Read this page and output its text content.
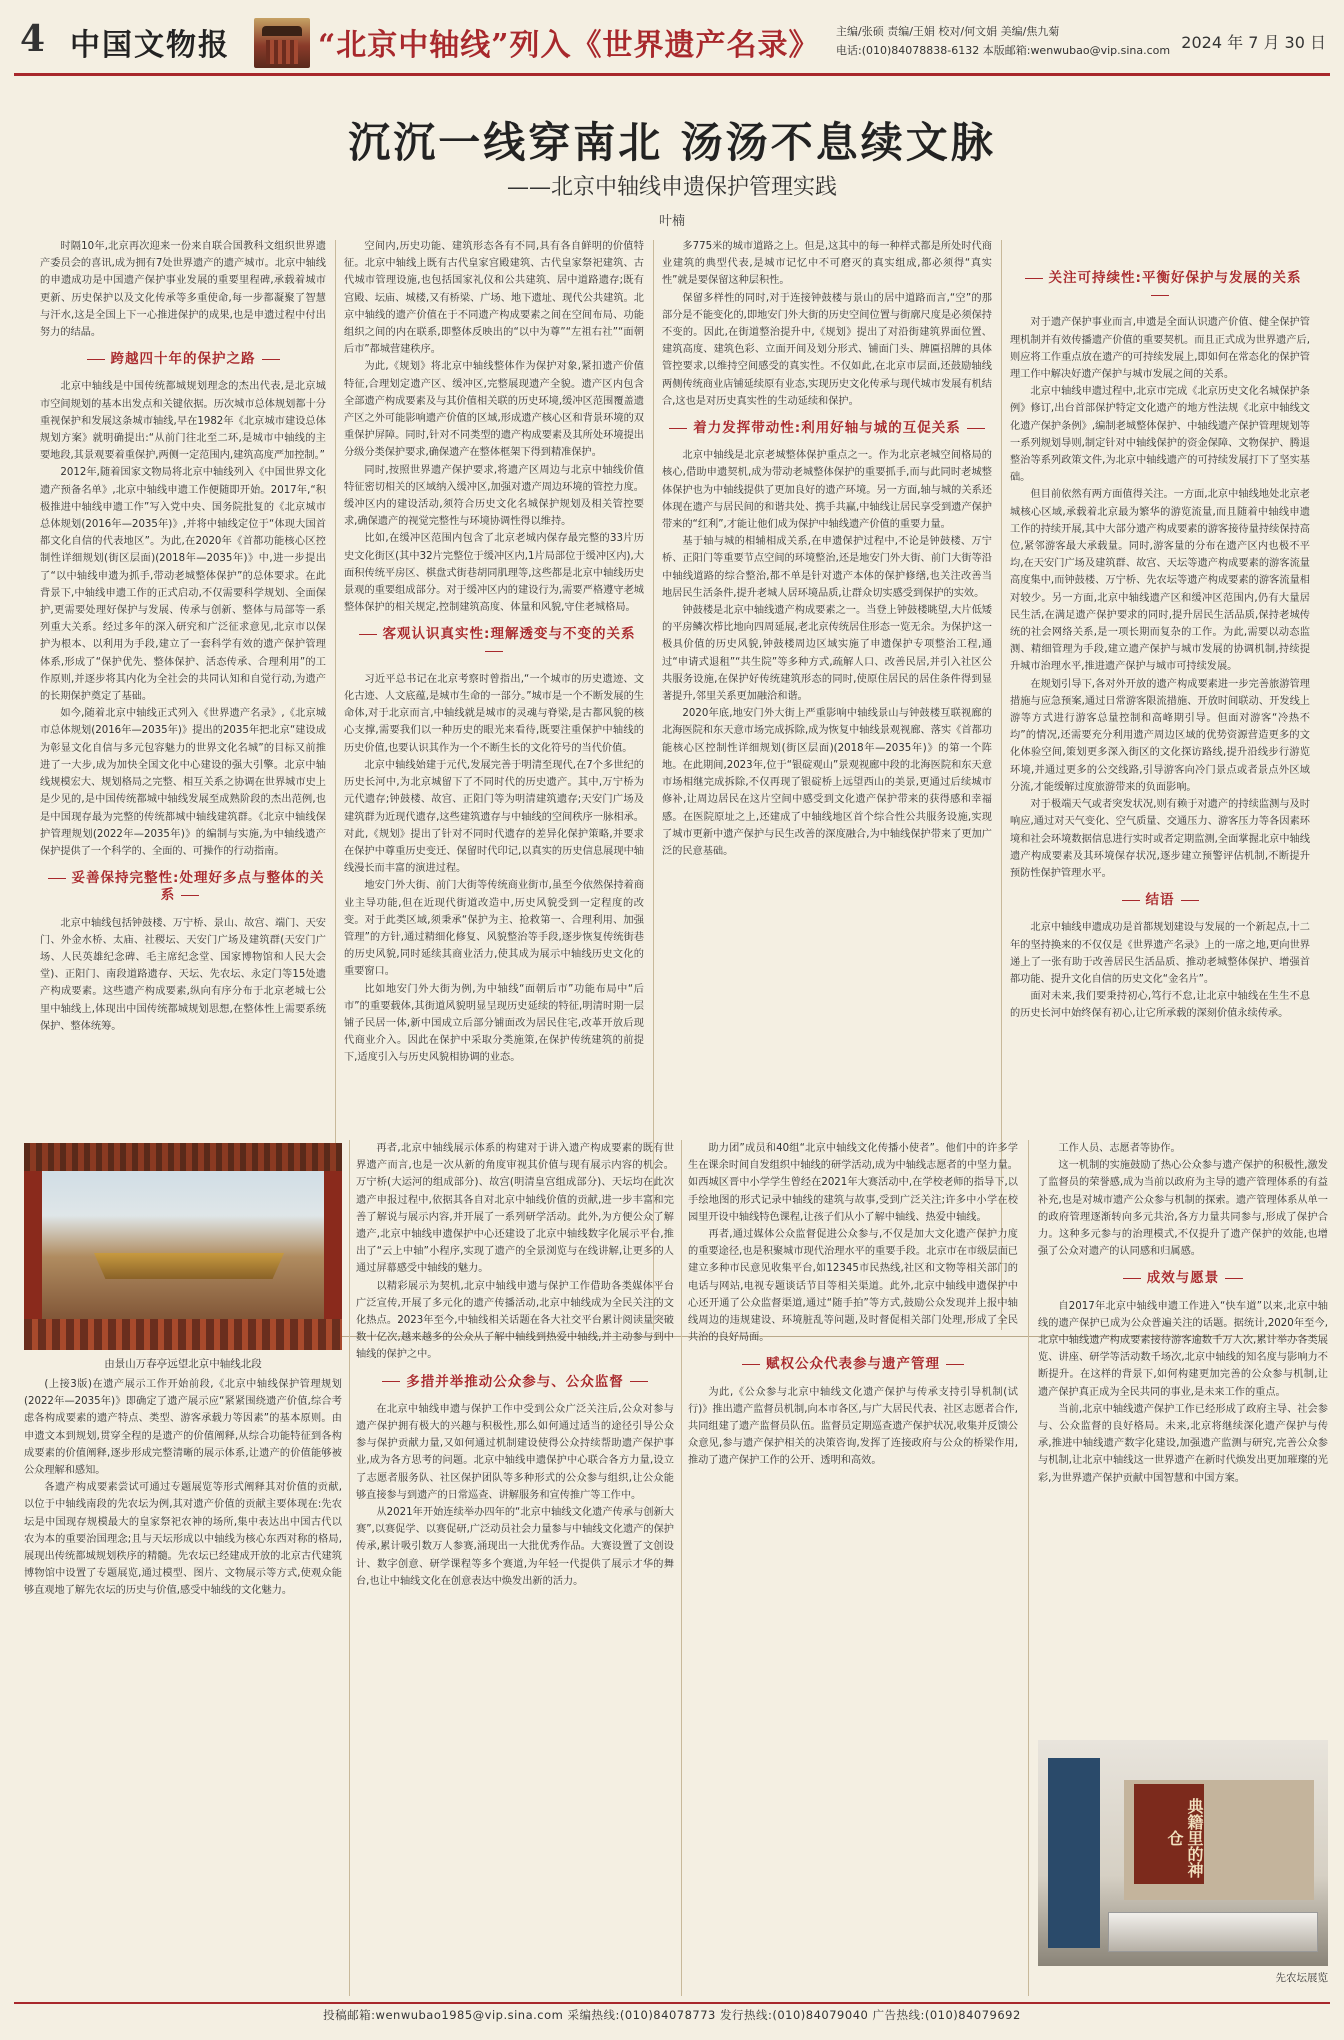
4 中国文物报	“北京中轴线”列入《世界遗产名录》 主编/张硕 责编/王娟 校对/何文娟 美编/焦九菊
电话:(010)84078838-6132 本版邮箱:wenwubao@vip.sina.com 2024 年 7 月 30 日
沉沉一线穿南北 汤汤不息续文脉
——北京中轴线申遗保护管理实践
叶楠

时隔10年,北京再次迎来一份来自联合国教科文组织世界遗产委员会的喜讯,成为拥有7处世界遗产的遗产城市。北京中轴线的申遗成功是中国遗产保护事业发展的重要里程碑,承载着城市更新、历史保护以及文化传承等多重使命,每一步都凝聚了智慧与汗水,这是全国上下一心推进保护的成果,也是申遗过程中付出努力的结晶。

跨越四十年的保护之路

北京中轴线是中国传统都城规划理念的杰出代表,是北京城市空间规划的基本出发点和关键依据。历次城市总体规划都十分重视保护和发展这条城市轴线,早在1982年《北京城市建设总体规划方案》就明确提出:“从前门往北至二环,是城市中轴线的主要地段,其景观要着重保护,两侧一定范围内,建筑高度严加控制。”

2012年,随着国家文物局将北京中轴线列入《中国世界文化遗产预备名单》,北京中轴线申遗工作便随即开始。2017年,“积极推进中轴线申遗工作”写入党中央、国务院批复的《北京城市总体规划(2016年—2035年)》,并将中轴线定位于“体现大国首都文化自信的代表地区”。为此,在2020年《首都功能核心区控制性详细规划(街区层面)(2018年—2035年)》中,进一步提出了“以中轴线申遗为抓手,带动老城整体保护”的总体要求。在此背景下,中轴线申遗工作的正式启动,不仅需要科学规划、全面保护,更需要处理好保护与发展、传承与创新、整体与局部等一系列重大关系。经过多年的深入研究和广泛征求意见,北京市以保护为根本、以利用为手段,建立了一套科学有效的遗产保护管理体系,形成了“保护优先、整体保护、活态传承、合理利用”的工作原则,并逐步将其内化为全社会的共同认知和自觉行动,为遗产的长期保护奠定了基础。

如今,随着北京中轴线正式列入《世界遗产名录》,《北京城市总体规划(2016年—2035年)》提出的2035年把北京“建设成为彰显文化自信与多元包容魅力的世界文化名城”的目标又前推进了一大步,成为加快全国文化中心建设的强大引擎。北京中轴线规模宏大、规划格局之完整、相互关系之协调在世界城市史上是少见的,是中国传统都城中轴线发展至成熟阶段的杰出范例,也是中国现存最为完整的传统都城中轴线建筑群。《北京中轴线保护管理规划(2022年—2035年)》的编制与实施,为中轴线遗产保护提供了一个科学的、全面的、可操作的行动指南。

妥善保持完整性:处理好多点与整体的关系

北京中轴线包括钟鼓楼、万宁桥、景山、故宫、端门、天安门、外金水桥、太庙、社稷坛、天安门广场及建筑群(天安门广场、人民英雄纪念碑、毛主席纪念堂、国家博物馆和人民大会堂)、正阳门、南段道路遗存、天坛、先农坛、永定门等15处遗产构成要素。这些遗产构成要素,纵向有序分布于北京老城七公里中轴线上,体现出中国传统都城规划思想,在整体性上需要系统保护、整体统筹。

空间内,历史功能、建筑形态各有不同,具有各自鲜明的价值特征。北京中轴线上既有古代皇家宫殿建筑、古代皇家祭祀建筑、古代城市管理设施,也包括国家礼仪和公共建筑、居中道路遗存;既有宫殿、坛庙、城楼,又有桥梁、广场、地下遗址、现代公共建筑。北京中轴线的遗产价值在于不同遗产构成要素之间在空间布局、功能组织之间的内在联系,即整体反映出的“以中为尊”“左祖右社”“面朝后市”都城营建秩序。

为此,《规划》将北京中轴线整体作为保护对象,紧扣遗产价值特征,合理划定遗产区、缓冲区,完整展现遗产全貌。遗产区内包含全部遗产构成要素及与其价值相关联的历史环境,缓冲区范围覆盖遗产区之外可能影响遗产价值的区域,形成遗产核心区和背景环境的双重保护屏障。同时,针对不同类型的遗产构成要素及其所处环境提出分级分类保护要求,确保遗产在整体框架下得到精准保护。

同时,按照世界遗产保护要求,将遗产区周边与北京中轴线价值特征密切相关的区域纳入缓冲区,加强对遗产周边环境的管控力度。缓冲区内的建设活动,须符合历史文化名城保护规划及相关管控要求,确保遗产的视觉完整性与环境协调性得以维持。

比如,在缓冲区范围内包含了北京老城内保存最完整的33片历史文化街区(其中32片完整位于缓冲区内,1片局部位于缓冲区内),大面积传统平房区、棋盘式街巷胡同肌理等,这些都是北京中轴线历史景观的重要组成部分。对于缓冲区内的建设行为,需要严格遵守老城整体保护的相关规定,控制建筑高度、体量和风貌,守住老城格局。

客观认识真实性:理解透变与不变的关系

习近平总书记在北京考察时曾指出,“一个城市的历史遗迹、文化古迹、人文底蕴,是城市生命的一部分。”城市是一个不断发展的生命体,对于北京而言,中轴线就是城市的灵魂与脊梁,是古都风貌的核心支撑,需要我们以一种历史的眼光来看待,既要注重保护中轴线的历史价值,也要认识其作为一个不断生长的文化符号的当代价值。

北京中轴线始建于元代,发展完善于明清至现代,在7个多世纪的历史长河中,为北京城留下了不同时代的历史遗产。其中,万宁桥为元代遗存;钟鼓楼、故宫、正阳门等为明清建筑遗存;天安门广场及建筑群为近现代遗存,这些建筑遗存与中轴线的空间秩序一脉相承。对此,《规划》提出了针对不同时代遗存的差异化保护策略,并要求在保护中尊重历史变迁、保留时代印记,以真实的历史信息展现中轴线漫长而丰富的演进过程。

地安门外大街、前门大街等传统商业街市,虽至今依然保持着商业主导功能,但在近现代街道改造中,历史风貌受到一定程度的改变。对于此类区域,须秉承“保护为主、抢救第一、合理利用、加强管理”的方针,通过精细化修复、风貌整治等手段,逐步恢复传统街巷的历史风貌,同时延续其商业活力,使其成为展示中轴线历史文化的重要窗口。

比如地安门外大街为例,为中轴线“面朝后市”功能布局中“后市”的重要载体,其街道风貌明显呈现历史延续的特征,明清时期一层铺子民居一体,新中国成立后部分铺面改为居民住宅,改革开放后现代商业介入。因此在保护中采取分类施策,在保护传统建筑的前提下,适度引入与历史风貌相协调的业态。

多775米的城市道路之上。但是,这其中的每一种样式都是所处时代商业建筑的典型代表,是城市记忆中不可磨灭的真实组成,都必须得“真实性”就是要保留这种层积性。

保留多样性的同时,对于连接钟鼓楼与景山的居中道路而言,“空”的那部分是不能变化的,即地安门外大街的历史空间位置与街廓尺度是必须保持不变的。因此,在街道整治提升中,《规划》提出了对沿街建筑界面位置、建筑高度、建筑色彩、立面开间及划分形式、铺面门头、牌匾招牌的具体管控要求,以维持空间感受的真实性。不仅如此,在北京市层面,还鼓励轴线两侧传统商业店铺延续原有业态,实现历史文化传承与现代城市发展有机结合,这也是对历史真实性的生动延续和保护。

着力发挥带动性:利用好轴与城的互促关系

北京中轴线是北京老城整体保护重点之一。作为北京老城空间格局的核心,借助申遗契机,成为带动老城整体保护的重要抓手,而与此同时老城整体保护也为中轴线提供了更加良好的遗产环境。另一方面,轴与城的关系还体现在遗产与居民间的和谐共处、携手共赢,中轴线让居民享受到遗产保护带来的“红利”,才能让他们成为保护中轴线遗产价值的重要力量。

基于轴与城的相辅相成关系,在申遗保护过程中,不论是钟鼓楼、万宁桥、正阳门等重要节点空间的环境整治,还是地安门外大街、前门大街等沿中轴线道路的综合整治,都不单是针对遗产本体的保护修缮,也关注改善当地居民生活条件,提升老城人居环境品质,让群众切实感受到保护的实效。

钟鼓楼是北京中轴线遗产构成要素之一。当登上钟鼓楼眺望,大片低矮的平房鳞次栉比地向四周延展,老北京传统居住形态一览无余。为保护这一极具价值的历史风貌,钟鼓楼周边区域实施了申遗保护专项整治工程,通过“申请式退租”“共生院”等多种方式,疏解人口、改善民居,并引入社区公共服务设施,在保护好传统建筑形态的同时,使原住居民的居住条件得到显著提升,邻里关系更加融洽和谐。

2020年底,地安门外大街上严重影响中轴线景山与钟鼓楼互联视廊的北海医院和东天意市场完成拆除,成为恢复中轴线景观视廊、落实《首都功能核心区控制性详细规划(街区层面)(2018年—2035年)》的第一个阵地。在此期间,2023年,位于“银碇观山”景观视廊中段的北海医院和东天意市场相继完成拆除,不仅再现了银碇桥上远望西山的美景,更通过后续城市修补,让周边居民在这片空间中感受到文化遗产保护带来的获得感和幸福感。在医院原址之上,还建成了中轴线地区首个综合性公共服务设施,实现了城市更新中遗产保护与民生改善的深度融合,为中轴线保护带来了更加广泛的民意基础。

关注可持续性:平衡好保护与发展的关系

对于遗产保护事业而言,申遗是全面认识遗产价值、健全保护管理机制并有效传播遗产价值的重要契机。而且正式成为世界遗产后,则应将工作重点放在遗产的可持续发展上,即如何在常态化的保护管理工作中解决好遗产保护与城市发展之间的关系。

北京中轴线申遗过程中,北京市完成《北京历史文化名城保护条例》修订,出台首部保护特定文化遗产的地方性法规《北京中轴线文化遗产保护条例》,编制老城整体保护、中轴线遗产保护管理规划等一系列规划导则,制定针对中轴线保护的资金保障、文物保护、腾退整治等系列政策文件,为北京中轴线遗产的可持续发展打下了坚实基础。

但目前依然有两方面值得关注。一方面,北京中轴线地处北京老城核心区域,承载着北京最为繁华的游览流量,而且随着中轴线申遗工作的持续开展,其中大部分遗产构成要素的游客接待量持续保持高位,紧邻游客最大承载量。同时,游客量的分布在遗产区内也极不平均,在天安门广场及建筑群、故宫、天坛等遗产构成要素的游客流量高度集中,而钟鼓楼、万宁桥、先农坛等遗产构成要素的游客流量相对较少。另一方面,北京中轴线遗产区和缓冲区范围内,仍有大量居民生活,在满足遗产保护要求的同时,提升居民生活品质,保持老城传统的社会网络关系,是一项长期而复杂的工作。为此,需要以动态监测、精细管理为手段,建立遗产保护与城市发展的协调机制,持续提升城市治理水平,推进遗产保护与城市可持续发展。

在规划引导下,各对外开放的遗产构成要素进一步完善旅游管理措施与应急预案,通过日常游客限流措施、开放时间联动、开发线上游等方式进行游客总量控制和高峰期引导。但面对游客“冷热不均”的情况,还需要充分利用遗产周边区域的优势资源营造更多的文化体验空间,策划更多深入街区的文化探访路线,提升沿线步行游览环境,并通过更多的公交线路,引导游客向冷门景点或者景点外区域分流,才能缓解过度旅游带来的负面影响。

对于极端天气或者突发状况,则有赖于对遗产的持续监测与及时响应,通过对天气变化、空气质量、交通压力、游客压力等各因素环境和社会环境数据信息进行实时或者定期监测,全面掌握北京中轴线遗产构成要素及其环境保存状况,逐步建立预警评估机制,不断提升预防性保护管理水平。

结语

北京中轴线申遗成功是首都规划建设与发展的一个新起点,十二年的坚持换来的不仅仅是《世界遗产名录》上的一席之地,更向世界递上了一张有助于改善居民生活品质、推动老城整体保护、增强首都功能、提升文化自信的历史文化“金名片”。

面对未来,我们要秉持初心,笃行不怠,让北京中轴线在生生不息的历史长河中始终保有初心,让它所承载的深刻价值永续传承。

由景山万春亭远望北京中轴线北段

(上接3版)在遗产展示工作开始前段,《北京中轴线保护管理规划(2022年—2035年)》即确定了遗产展示应“紧紧围绕遗产价值,综合考虑各构成要素的遗产特点、类型、游客承载力等因素”的基本原则。由申遗文本到规划,贯穿全程的是遗产的价值阐释,从综合功能特征到各构成要素的价值阐释,逐步形成完整清晰的展示体系,让遗产的价值能够被公众理解和感知。

各遗产构成要素尝试可通过专题展览等形式阐释其对价值的贡献,以位于中轴线南段的先农坛为例,其对遗产价值的贡献主要体现在:先农坛是中国现存规模最大的皇家祭祀农神的场所,集中表达出中国古代以农为本的重要治国理念;且与天坛形成以中轴线为核心东西对称的格局,展现出传统都城规划秩序的精髓。先农坛已经建成开放的北京古代建筑博物馆中设置了专题展览,通过模型、图片、文物展示等方式,使观众能够直观地了解先农坛的历史与价值,感受中轴线的文化魅力。

再者,北京中轴线展示体系的构建对于讲入遗产构成要素的既有世界遗产而言,也是一次从新的角度审视其价值与现有展示内容的机会。万宁桥(大运河的组成部分)、故宫(明清皇宫组成部分)、天坛均在此次遗产申报过程中,依据其各自对北京中轴线价值的贡献,进一步丰富和完善了解说与展示内容,并开展了一系列研学活动。此外,为方便公众了解遗产,北京中轴线申遗保护中心还建设了北京中轴线数字化展示平台,推出了“云上中轴”小程序,实现了遗产的全景浏览与在线讲解,让更多的人通过屏幕感受中轴线的魅力。

以精彩展示为契机,北京中轴线申遗与保护工作借助各类媒体平台广泛宣传,开展了多元化的遗产传播活动,北京中轴线成为全民关注的文化热点。2023年至今,中轴线相关话题在各大社交平台累计阅读量突破数十亿次,越来越多的公众从了解中轴线到热爱中轴线,并主动参与到中轴线的保护之中。

多措并举推动公众参与、公众监督

在北京中轴线申遗与保护工作中受到公众广泛关注后,公众对参与遗产保护拥有极大的兴趣与积极性,那么如何通过适当的途径引导公众参与保护贡献力量,又如何通过机制建设使得公众持续帮助遗产保护事业,成为各方思考的问题。北京中轴线申遗保护中心联合各方力量,设立了志愿者服务队、社区保护团队等多种形式的公众参与组织,让公众能够直接参与到遗产的日常巡查、讲解服务和宣传推广等工作中。

从2021年开始连续举办四年的“北京中轴线文化遗产传承与创新大赛”,以赛促学、以赛促研,广泛动员社会力量参与中轴线文化遗产的保护传承,累计吸引数万人参赛,涌现出一大批优秀作品。大赛设置了文创设计、数字创意、研学课程等多个赛道,为年轻一代提供了展示才华的舞台,也让中轴线文化在创意表达中焕发出新的活力。

助力团”成员和40组“北京中轴线文化传播小使者”。他们中的许多学生在课余时间自发组织中轴线的研学活动,成为中轴线志愿者的中坚力量。如西城区晋中小学学生曾经在2021年大赛活动中,在学校老师的指导下,以手绘地图的形式记录中轴线的建筑与故事,受到广泛关注;许多中小学在校园里开设中轴线特色课程,让孩子们从小了解中轴线、热爱中轴线。

再者,通过媒体公众监督促进公众参与,不仅是加大文化遗产保护力度的重要途径,也是积聚城市现代治理水平的重要手段。北京市在市级层面已建立多种市民意见收集平台,如12345市民热线,社区和文物等相关部门的电话与网站,电视专题谈话节目等相关渠道。此外,北京中轴线申遗保护中心还开通了公众监督渠道,通过“随手拍”等方式,鼓励公众发现并上报中轴线周边的违规建设、环境脏乱等问题,及时督促相关部门处理,形成了全民共治的良好局面。

赋权公众代表参与遗产管理

为此,《公众参与北京中轴线文化遗产保护与传承支持引导机制(试行)》推出遗产监督员机制,向本市各区,与广大居民代表、社区志愿者合作,共同组建了遗产监督员队伍。监督员定期巡查遗产保护状况,收集并反馈公众意见,参与遗产保护相关的决策咨询,发挥了连接政府与公众的桥梁作用,推动了遗产保护工作的公开、透明和高效。

工作人员、志愿者等协作。

这一机制的实施鼓励了热心公众参与遗产保护的积极性,激发了监督员的荣誉感,成为当前以政府为主导的遗产管理体系的有益补充,也是对城市遗产公众参与机制的探索。遗产管理体系从单一的政府管理逐渐转向多元共治,各方力量共同参与,形成了保护合力。这种多元参与的治理模式,不仅提升了遗产保护的效能,也增强了公众对遗产的认同感和归属感。

成效与愿景

自2017年北京中轴线申遗工作进入“快车道”以来,北京中轴线的遗产保护已成为公众普遍关注的话题。据统计,2020年至今,北京中轴线遗产构成要素接待游客逾数千万人次,累计举办各类展览、讲座、研学等活动数千场次,北京中轴线的知名度与影响力不断提升。在这样的背景下,如何构建更加完善的公众参与机制,让遗产保护真正成为全民共同的事业,是未来工作的重点。

当前,北京中轴线遗产保护工作已经形成了政府主导、社会参与、公众监督的良好格局。未来,北京将继续深化遗产保护与传承,推进中轴线遗产数字化建设,加强遗产监测与研究,完善公众参与机制,让北京中轴线这一世界遗产在新时代焕发出更加璀璨的光彩,为世界遗产保护贡献中国智慧和中国方案。

典籍里的神仓
先农坛展览
投稿邮箱:wenwubao1985@vip.sina.com 采编热线:(010)84078773 发行热线:(010)84079040 广告热线:(010)84079692
